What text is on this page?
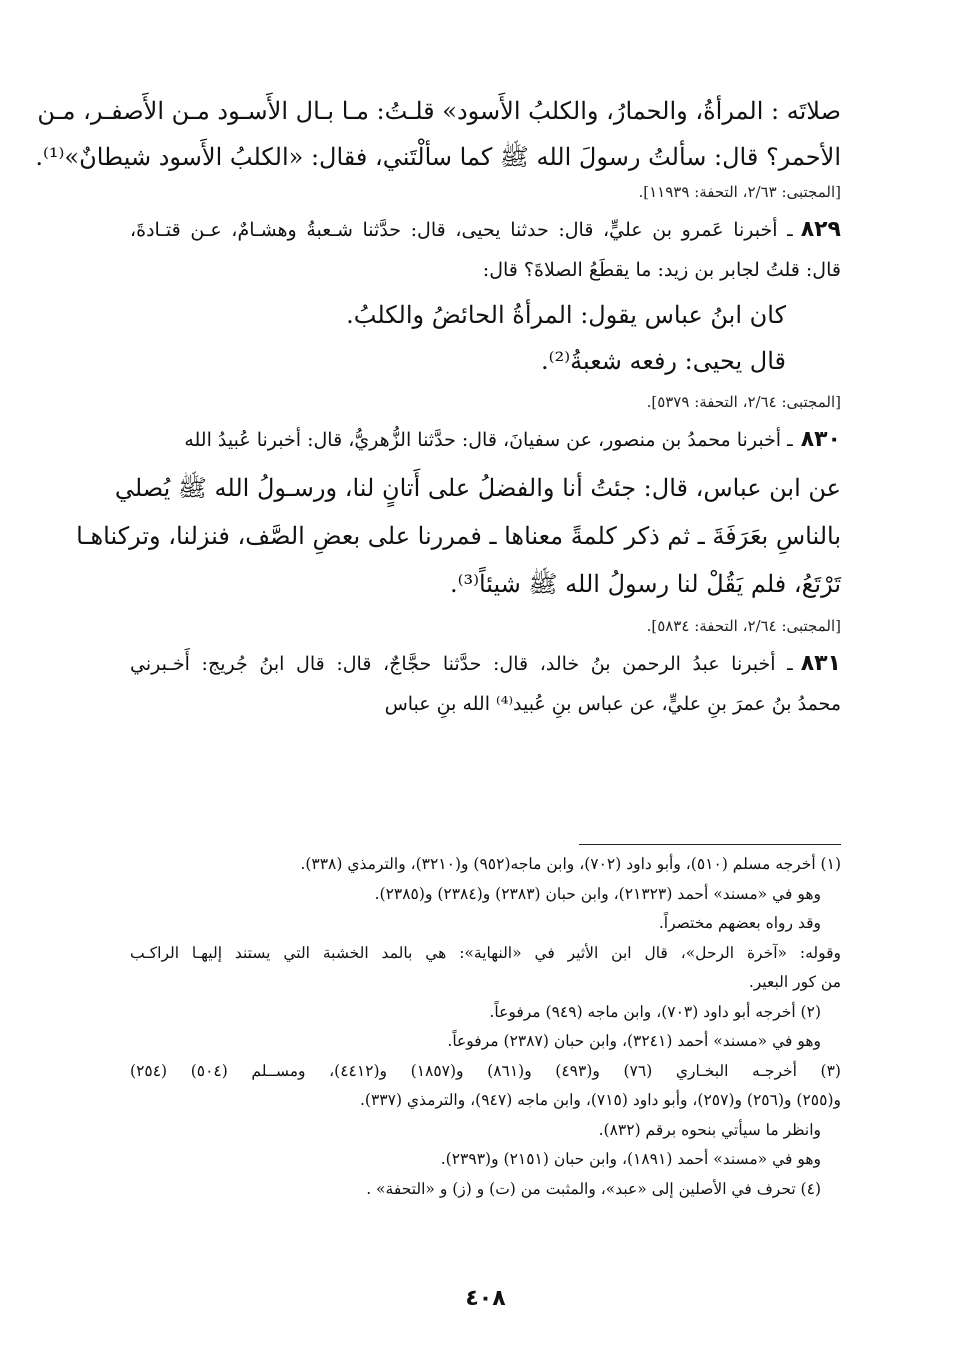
صلاتَه : المرأةُ، والحمارُ، والكلبُ الأَسود» قلـتُ: مـا بـال الأَسـود مـن الأَصفـر، مـن
الأحمر؟ قال: سألتُ رسولَ الله ﷺ كما سألْتَني، فقال: «الكلبُ الأَسود شيطانٌ»⁽¹⁾.
[المجتبى: ٢/٦٣، التحفة: ١١٩٣٩].
٨٢٩ـ أخبرنا عَمرو بن عليٍّ، قال: حدثنا يحيى، قال: حدَّثنا شـعبةُ وهشـامٌ، عـن قتـادةَ،
قال: قلتُ لجابر بن زيد: ما يقطَعُ الصلاةَ؟ قال:
كان ابنُ عباس يقول: المرأةُ الحائضُ والكلبُ.
قال يحيى: رفعه شعبةُ⁽²⁾.
[المجتبى: ٢/٦٤، التحفة: ٥٣٧٩].
٨٣٠ـ أخبرنا محمدُ بن منصور، عن سفيانَ، قال: حدَّثنا الزُّهريُّ، قال: أخبرنا عُبيدُ الله
عن ابن عباس، قال: جئتُ أنا والفضلُ على أَتانٍ لنا، ورسـولُ الله ﷺ يُصلي
بالناسِ بعَرَفَةَ ـ ثم ذكر كلمةً معناها ـ فمررنا على بعضِ الصَّف، فنزلنا، وتركناهـا
تَرْتَعُ، فلم يَقُلْ لنا رسولُ الله ﷺ شيئاً⁽³⁾.
[المجتبى: ٢/٦٤، التحفة: ٥٨٣٤].
٨٣١ـ أخبرنا عبدُ الرحمن بنُ خالد، قال: حدَّثنا حجَّاجٌ، قال: قال ابنُ جُريج: أَخـبرني
محمدُ بنُ عمرَ بنِ عليٍّ، عن عباس بنِ عُبيد⁽⁴⁾ الله بنِ عباس
(١) أخرجه مسلم (٥١٠)، وأبو داود (٧٠٢)، وابن ماجه(٩٥٢) و(٣٢١٠)، والترمذي (٣٣٨).
وهو في «مسند» أحمد (٢١٣٢٣)، وابن حبان (٢٣٨٣) و(٢٣٨٤) و(٢٣٨٥).
وقد رواه بعضهم مختصراً.
وقوله: «آخرة الرحل»، قال ابن الأثير في «النهاية»: هي بالمد الخشبة التي يستند إليهـا الراكـب
من كور البعير.
(٢) أخرجه أبو داود (٧٠٣)، وابن ماجه (٩٤٩) مرفوعاً.
وهو في «مسند» أحمد (٣٢٤١)، وابن حبان (٢٣٨٧) مرفوعاً.
(٣) أخرجـه البخـاري (٧٦) و(٤٩٣) و(٨٦١) و(١٨٥٧) و(٤٤١٢)، ومســلم (٥٠٤) (٢٥٤)
و(٢٥٥) و(٢٥٦) و(٢٥٧)، وأبو داود (٧١٥)، وابن ماجه (٩٤٧)، والترمذي (٣٣٧).
وانظر ما سيأتي بنحوه برقم (٨٣٢).
وهو في «مسند» أحمد (١٨٩١)، وابن حبان (٢١٥١) و(٢٣٩٣).
(٤) تحرف في الأصلين إلى «عبد»، والمثبت من (ت) و (ز) و «التحفة» .
٤٠٨
